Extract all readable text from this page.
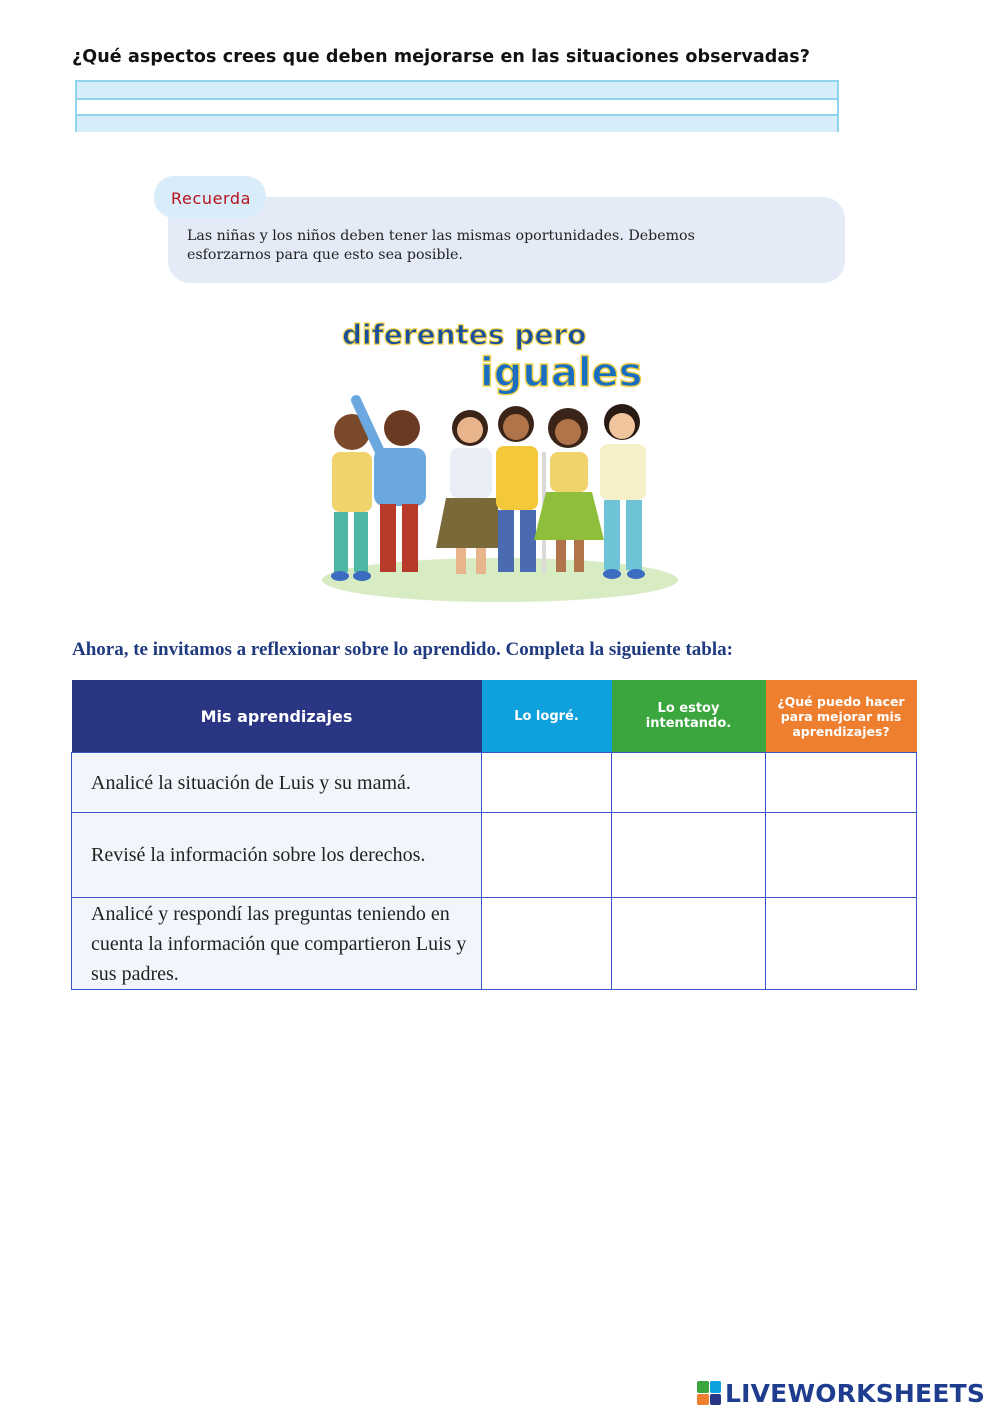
¿Qué aspectos crees que deben mejorarse en las situaciones observadas?

Recuerda
Las niñas y los niños deben tener las mismas oportunidades. Debemos esforzarnos para que esto sea posible.
diferentes pero
iguales

Ahora, te invitamos a reflexionar sobre lo aprendido. Completa la siguiente tabla:

Mis aprendizajes	Lo logré.	Lo estoy intentando.	¿Qué puedo hacer para mejorar mis aprendizajes?
Analicé la situación de Luis y su mamá.			
Revisé la información sobre los derechos.			
Analicé y respondí las preguntas teniendo en cuenta la información que compartieron Luis y sus padres.			
LIVEWORKSHEETS
